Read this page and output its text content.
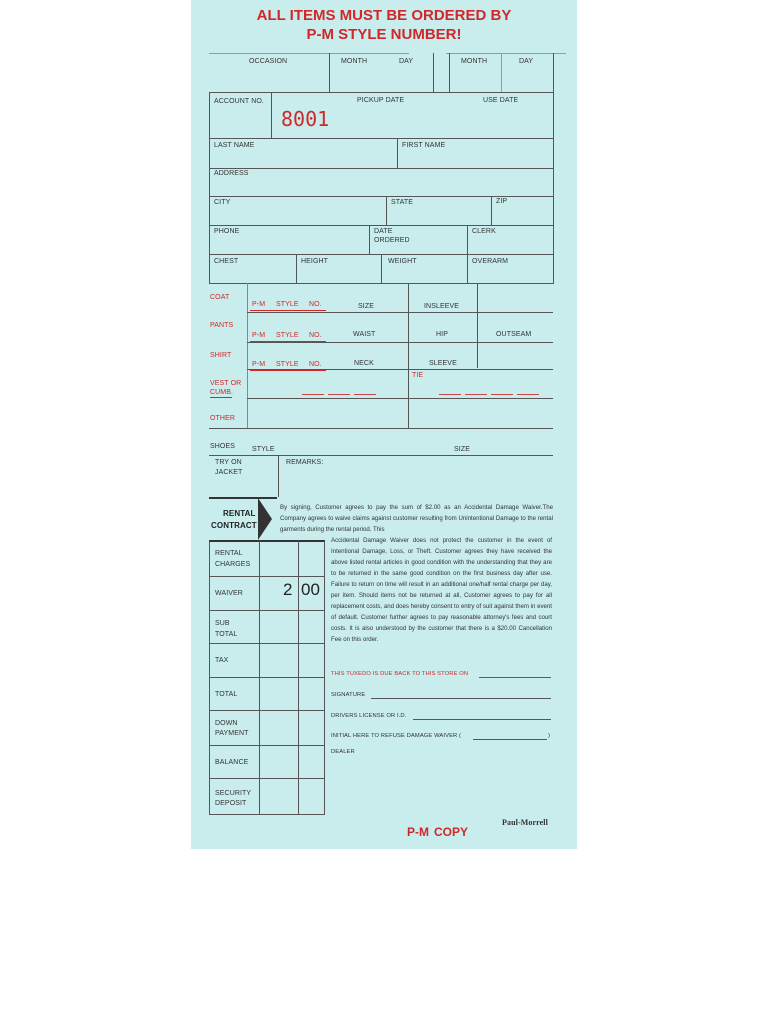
ALL ITEMS MUST BE ORDERED BY
P-M STYLE NUMBER!
OCCASION	MONTH	DAY	MONTH	DAY
ACCOUNT NO.
8001
PICKUP DATE	USE DATE
LAST NAME	FIRST NAME
ADDRESS
CITY	STATE	ZIP
PHONE	DATE
ORDERED
CLERK
CHEST	HEIGHT	WEIGHT	OVERARM
COAT
P-M STYLE NO.	SIZE	INSLEEVE
PANTS
P-M STYLE NO.	WAIST	HIP	OUTSEAM
SHIRT
P-M STYLE NO.	NECK	SLEEVE
VEST OR
CUMB.
TIE
OTHER
SHOES STYLE	SIZE
TRY ON
JACKET
REMARKS:
RENTAL
CONTRACT
RENTAL
CHARGES
WAIVER 2 00
SUB
TOTAL
TAX
TOTAL
DOWN
PAYMENT
BALANCE
SECURITY
DEPOSIT
By signing, Customer agrees to pay the sum of $2.00 as an Accidental Damage Waiver.The Company agrees to waive claims against customer resulting from Unintentional Damage to the rental garments during the rental period. This
Accidental Damage Waiver does not protect the customer in the event of Intentional Damage, Loss, or Theft. Customer agrees they have received the above listed rental articles in good condition with the understanding that they are to be returned in the same good condition on the first business day after use. Failure to return on time will result in an additional one/half rental charge per day, per item. Should items not be returned at all, Customer agrees to pay for all replacement costs, and does hereby consent to entry of suit against them in event of default. Customer further agrees to pay reasonable attorney's fees and court costs. It is also understood by the customer that there is a $20.00 Cancellation Fee on this order.
THIS TUXEDO IS DUE BACK TO THIS STORE ON
SIGNATURE
DRIVERS LICENSE OR I.D.
INITIAL HERE TO REFUSE DAMAGE WAIVER (	)
DEALER
Paul-Morrell
P-M COPY
